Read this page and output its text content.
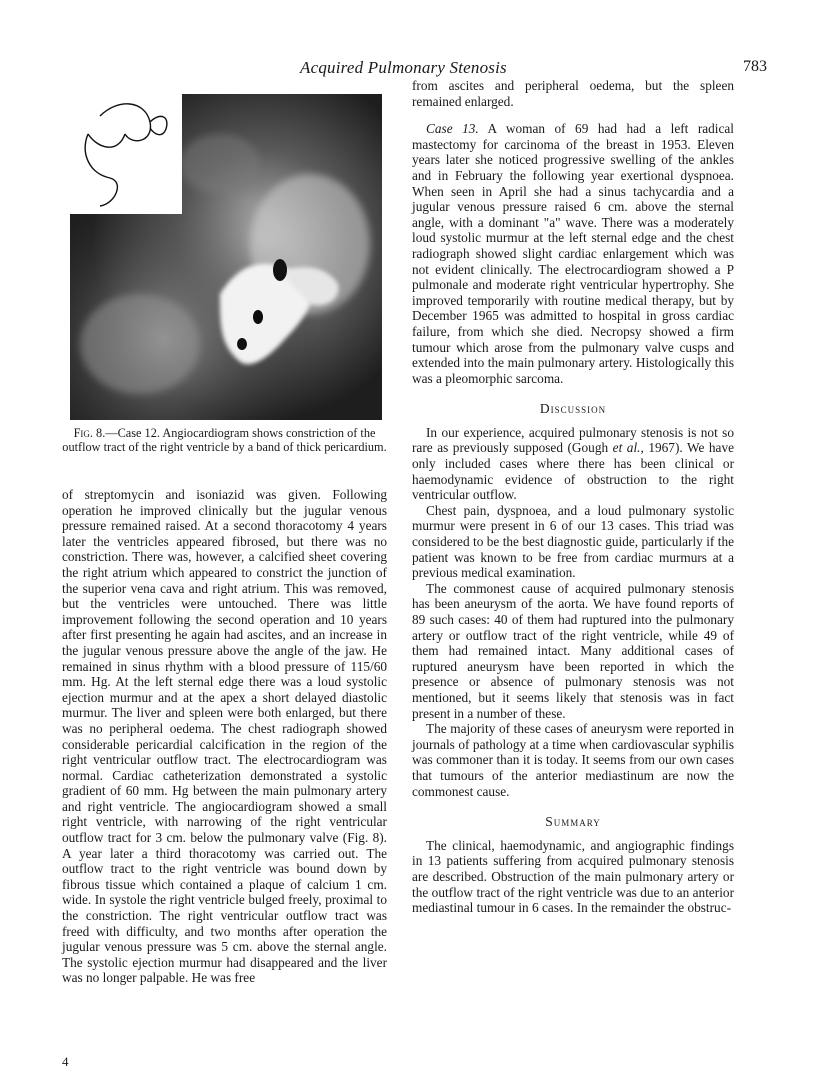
Acquired Pulmonary Stenosis	783
Fig. 8.—Case 12. Angiocardiogram shows constriction of the outflow tract of the right ventricle by a band of thick pericardium.

of streptomycin and isoniazid was given. Following operation he improved clinically but the jugular venous pressure remained raised. At a second thoracotomy 4 years later the ventricles appeared fibrosed, but there was no constriction. There was, however, a calcified sheet covering the right atrium which appeared to constrict the junction of the superior vena cava and right atrium. This was removed, but the ventricles were untouched. There was little improvement following the second operation and 10 years after first presenting he again had ascites, and an increase in the jugular venous pressure above the angle of the jaw. He remained in sinus rhythm with a blood pressure of 115/60 mm. Hg. At the left sternal edge there was a loud systolic ejection murmur and at the apex a short delayed diastolic murmur. The liver and spleen were both enlarged, but there was no peripheral oedema. The chest radiograph showed considerable pericardial calcification in the region of the right ventricular outflow tract. The electrocardiogram was normal. Cardiac catheterization demonstrated a systolic gradient of 60 mm. Hg between the main pulmonary artery and right ventricle. The angiocardiogram showed a small right ventricle, with narrowing of the right ventricular outflow tract for 3 cm. below the pulmonary valve (Fig. 8). A year later a third thoracotomy was carried out. The outflow tract to the right ventricle was bound down by fibrous tissue which contained a plaque of calcium 1 cm. wide. In systole the right ventricle bulged freely, proximal to the constriction. The right ventricular outflow tract was freed with difficulty, and two months after operation the jugular venous pressure was 5 cm. above the sternal angle. The systolic ejection murmur had disappeared and the liver was no longer palpable. He was free

from ascites and peripheral oedema, but the spleen remained enlarged.

Case 13. A woman of 69 had had a left radical mastectomy for carcinoma of the breast in 1953. Eleven years later she noticed progressive swelling of the ankles and in February the following year exertional dyspnoea. When seen in April she had a sinus tachycardia and a jugular venous pressure raised 6 cm. above the sternal angle, with a dominant "a" wave. There was a moderately loud systolic murmur at the left sternal edge and the chest radiograph showed slight cardiac enlargement which was not evident clinically. The electrocardiogram showed a P pulmonale and moderate right ventricular hypertrophy. She improved temporarily with routine medical therapy, but by December 1965 was admitted to hospital in gross cardiac failure, from which she died. Necropsy showed a firm tumour which arose from the pulmonary valve cusps and extended into the main pulmonary artery. Histologically this was a pleomorphic sarcoma.

Discussion

In our experience, acquired pulmonary stenosis is not so rare as previously supposed (Gough et al., 1967). We have only included cases where there has been clinical or haemodynamic evidence of obstruction to the right ventricular outflow.

Chest pain, dyspnoea, and a loud pulmonary systolic murmur were present in 6 of our 13 cases. This triad was considered to be the best diagnostic guide, particularly if the patient was known to be free from cardiac murmurs at a previous medical examination.

The commonest cause of acquired pulmonary stenosis has been aneurysm of the aorta. We have found reports of 89 such cases: 40 of them had ruptured into the pulmonary artery or outflow tract of the right ventricle, while 49 of them had remained intact. Many additional cases of ruptured aneurysm have been reported in which the presence or absence of pulmonary stenosis was not mentioned, but it seems likely that stenosis was in fact present in a number of these.

The majority of these cases of aneurysm were reported in journals of pathology at a time when cardiovascular syphilis was commoner than it is today. It seems from our own cases that tumours of the anterior mediastinum are now the commonest cause.

Summary

The clinical, haemodynamic, and angiographic findings in 13 patients suffering from acquired pulmonary stenosis are described. Obstruction of the main pulmonary artery or the outflow tract of the right ventricle was due to an anterior mediastinal tumour in 6 cases. In the remainder the obstruc-

4
